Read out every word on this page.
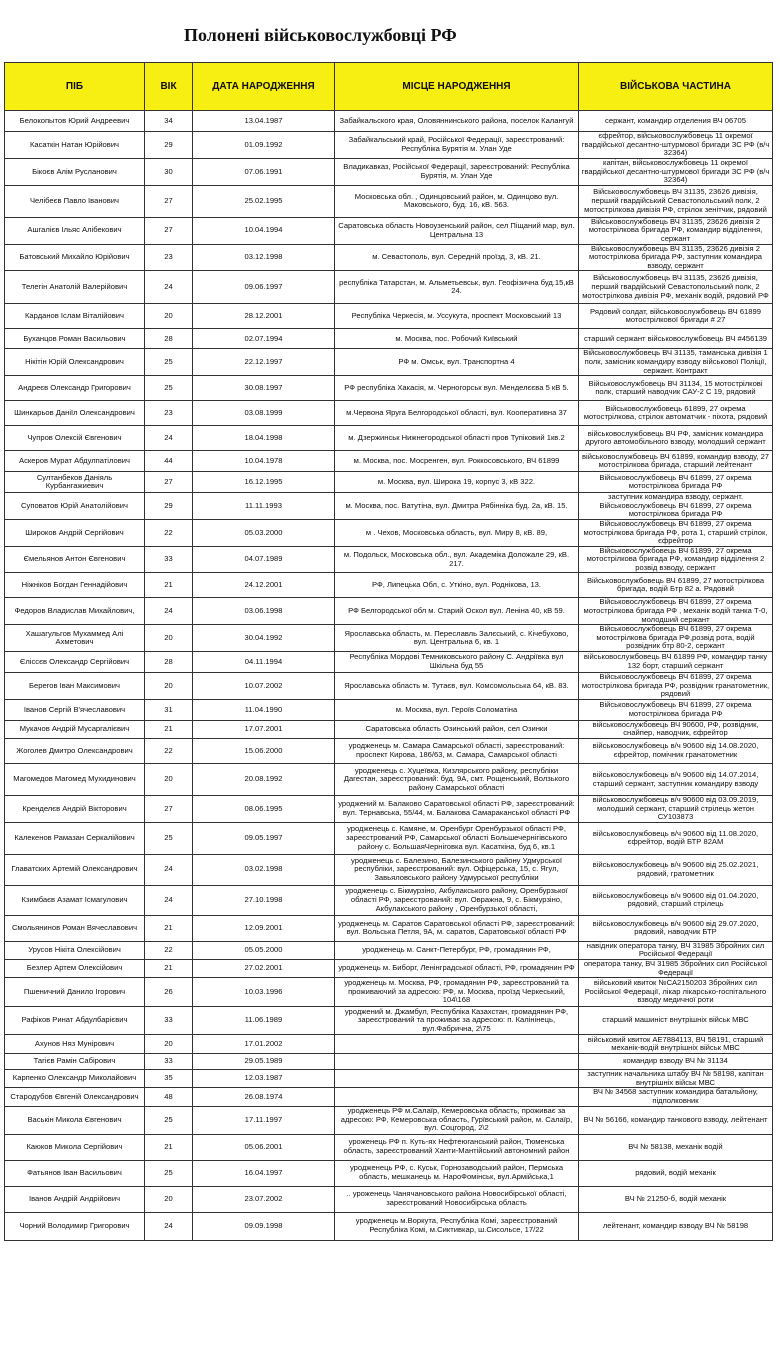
Полонені військовослужбовці РФ
ПІБ	ВІК	ДАТА НАРОДЖЕННЯ	МІСЦЕ НАРОДЖЕННЯ	ВІЙСЬКОВА ЧАСТИНА
Белокопытов Юрий Андреевич	34	13.04.1987	Забайкальского края, Оловяннинського района, поселок Калангуй	сержант, командир отделения ВЧ 06705
Касаткін Натан Юрійович	29	01.09.1992	Забайкальський край, Російської Федерації, зареєстрований: Республіка Бурятія м. Улан Уде	єфрейтор, військовослужбовець 11 окремої гвардійської десантно-штурмової бригади ЗС РФ (в/ч 32364)
Бікоєв Алім Русланович	30	07.06.1991	Владикавказ, Російської Федерації, зареєстрований: Республіка Бурятія, м. Улан Уде	капітан, військовослужбовець 11 окремої гвардійської десантно-штурмової бригади ЗС РФ (в/ч 32364)
Челібеєв Павло Іванович	27	25.02.1995	Московська обл. , Одинцовський район, м. Одинцово вул. Маковського, буд. 16, кВ. 563.	Військовослужбовець ВЧ 31135, 23626 дивізія, перший гвардійський Севастопольський полк, 2 мотострілкова дивізія РФ, стрілок зенітчик, рядовий
Ашгалієв Ільяс Алібекович	27	10.04.1994	Саратовська область Новоузенський район, сел Піщаний мар, вул. Центральна 13	Військовослужбовець ВЧ 31135, 23626 дивізія 2 мотострілкова бригада РФ, командир відділення, сержант
Батовський Михайло Юрійович	23	03.12.1998	м. Севастополь, вул. Середній проїзд, 3, кВ. 21.	Військовослужбовець ВЧ 31135, 23626 дивізія 2 мотострілкова бригада РФ, заступник командира взводу, сержант
Телегін Анатолій Валерійович	24	09.06.1997	республіка Татарстан, м. Альметьевськ, вул. Геофізична буд.15,кВ 24.	Військовослужбовець ВЧ 31135, 23626 дивізія, перший гвардійський Севастопольський полк, 2 мотострілкова дивізія РФ, механік водій, рядовий РФ
Карданов Іслам Віталійович	20	28.12.2001	Республіка Черкесія, м. Уссукута, проспект Московський 13	Рядовий солдат, військовослужбовець ВЧ 61899 мотострілкової бригади # 27
Буханцов Роман Васильович	28	02.07.1994	м. Москва, пос. Робочий Київський	старший сержант військовослужбовець ВЧ #456139
Нікітін Юрій Олександрович	25	22.12.1997	РФ м. Омськ, вул. Транспортна 4	Військовослужбовець ВЧ 31135, таманська дивізія 1 полк, замісник командиру взводу військової Поліції, сержант. Контракт
Андреєв Олександр Григорович	25	30.08.1997	РФ республіка Хакасія, м. Черногорськ вул. Менделєєва 5 кВ 5.	Військовослужбовець ВЧ 31134, 15 мотострілкові полк, старший наводчик САУ-2 С 19, рядовий
Шинкарьов Даніїл Олександрович	23	03.08.1999	м.Червона Яруга Белгородської області, вул. Кооперативна 37	Військовослужбовець 61899, 27 окрема мотострілкова, стрілок автоматчик - піхота, рядовий
Чупров Олексій Євгенович	24	18.04.1998	м. Дзержинськ Нижнегородської області пров Тупіковий 1кв.2	військовослужбовець ВЧ РФ, замісник командира другого автомобільного взводу, молодший сержант
Аскеров Мурат Абдулпатілович	44	10.04.1978	м. Москва, пос. Мосренген, вул. Роккосовського, ВЧ 61899	військовослужбовець ВЧ 61899, командир взводу, 27 мотострілкова бригада, старший лейтенант
Султанбеков Даніяль Курбангажиевич	27	16.12.1995	м. Москва, вул. Широка 19, корпус 3, кВ 322.	Військовослужбовець ВЧ 61899, 27 окрема мотострілкова бригада РФ
Суповатов Юрій Анатолійович	29	11.11.1993	м. Москва, пос. Ватутіна, вул. Дмитра Рябінніка буд. 2а, кВ. 15.	заступник командира взводу, сержант. Військовослужбовець ВЧ 61899, 27 окрема мотострілкова бригада РФ
Широков Андрій Сергійович	22	05.03.2000	м . Чехов, Московська область, вул. Миру 8, кВ. 89,	Військовослужбовець ВЧ 61899, 27 окрема мотострілкова бригада РФ, рота 1, старший стрілок, єфрейтор
Ємельянов Антон Євгенович	33	04.07.1989	м. Подольск, Московська обл., вул. Академіка Доложале 29, кВ. 217.	Військовослужбовець ВЧ 61899, 27 окрема мотострілкова бригада РФ, командир відділення 2 розвід взводу, сержант
Ніжніков Богдан Геннадійович	21	24.12.2001	РФ, Липецька Обл, с. Уткіно, вул. Роднікова, 13.	Військовослужбовець ВЧ 61899, 27 мотострілкова бригада, водій Бтр 82 а. Рядовий
Федоров Владислав Михайлович,	24	03.06.1998	РФ Белгородської обл м. Старий Оскол вул. Леніна 40, кВ 59.	Військовослужбовець ВЧ 61899, 27 окрема мотострілкова бригада РФ , механік водій танка Т-0, молодший сержант
Хашагульгов Мухаммед Алі Ахметович	20	30.04.1992	Ярославська область, м. Переславль Залєський, с. Кічебухово, вул. Центральна 6, кв. 1	Військовослужбовець ВЧ 61899, 27 окрема мотострілкова бригада РФ,розвід рота, водій розвідник бтр 80-2, сержант
Єліссєв Олександр Сергійович	28	04.11.1994	Республіка Мордові Темниковського району С. Андріївка вул Шкільна буд 55	військовослужбовець ВЧ 61899 РФ, командир танку 132 борт, старший сержант
Берегов Іван Максимович	20	10.07.2002	Ярославська область м. Тутаєв, вул. Комсомольська 64, кВ. 83.	Військовослужбовець ВЧ 61899, 27 окрема мотострілкова бригада РФ, розвідник гранатометник, рядовий
Іванов Сергій В'ячеславович	31	11.04.1990	м. Москва, вул. Героїв Соломатіна	Військовослужбовець ВЧ 61899, 27 окрема мотострілкова бригада РФ
Мукачов Андрій Мусаргалієвич	21	17.07.2001	Саратовська область Озинський район, сел Озинки	військовослужбовець ВЧ 90600, РФ, розвідник, снайпер, наводчик, єфрейтор
Жоголев Дмитро Олександрович	22	15.06.2000	уродженець м. Самара Самарської області, зареєстрований: проспект Кирова, 186/63, м. Самара, Самарської області	військовослужбовець в/ч 90600 від 14.08.2020, єфрейтор, помічник гранатометник
Магомедов Магомед Мухидинович	20	20.08.1992	уродженець с. Хуцеївка, Кизлярського району, республіки Дагестан, зареєстрований: буд. 9А, смт. Рощенський, Волзького району Самарської області	військовослужбовець в/ч 90600 від 14.07.2014, старший сержант, заступник командиру взводу
Кренделєв Андрій Вікторович	27	08.06.1995	уроджений м. Балаково Саратовської області РФ, зареєстрований: вул. Тернавська, 55/44, м. Балакова Самараканської області РФ	військовослужбовець в/ч 90600 від 03.09.2019, молодший сержант, старший стрілець жетон СУ103873
Калекенов Рамазан Серкалійович	25	09.05.1997	уродженець с. Камяне, м. Оренбург Оренбурзької області РФ, зареєстрований РФ, Самарської області Большечернігівського району с. БольшаяЧерніговка вул. Касаткіна, буд 6, кв.1	військовослужбовець в/ч 90600 від 11.08.2020, єфрейтор, водій БТР 82АМ
Главатских Артемій Олександрович	24	03.02.1998	уродженець с. Балезино, Балезинського району Удмурської республіки, зареєстрований: вул. Офіцерська, 15, с. Ягул, Завьяловського району Удмурської республіки	військовослужбовець в/ч 90600 від 25.02.2021, рядовий, гратометник
Кзимбаєв Азамат Ісмагулович	24	27.10.1998	уродженець с. Бікмурзіно, Акбулакського району, Оренбурзької області РФ, зареєстрований: вул. Овражна, 9, с. Бікмурзіно, Акбулакського району , Оренбурзької області,	військовослужбовець в/ч 90600 від 01.04.2020, рядовий, старший стрілець
Смольянинов Роман Вячеславович	21	12.09.2001	уродженець м. Саратов Саратовської області РФ, зареєстрований: вул. Вольська Петля, 9А, м. саратов, Саратовської області РФ	військовослужбовець в/ч 90600 від 29.07.2020, рядовий, наводчик БТР
Урусов Нікіта Олексійович	22	05.05.2000	уродженець м. Санкт-Петербург, РФ, громадянин РФ,	навідник оператора танку, ВЧ 31985 Збройних сил Російської Федерації
Безлер Артем Олексійович	21	27.02.2001	уродженець м. Биборг, Ленінградської області, РФ, громадянин РФ	оператора танку, ВЧ 31985 Збройних сил Російської Федерації
Пшеничний Данило Ігорович	26	10.03.1996	уродженець м. Москва, РФ, громадянин РФ, зареєстрований та проживаючий за адресою: РФ, м. Москва, проїзд Черкеський, 104\168	військовий квиток №СА2150203 Збройних сил Російської Федерації, лікар лікарсько-госпітального взводу медичної роти
Рафіков Ринат Абдулбарієвич	33	11.06.1989	уроджений м. Джамбул, Республіка Казахстан, громадянин РФ, зареєстрований та проживає за адресою: п. Калінінець, вул.Фабрична, 2\75	старший машиніст внутрішніх військ МВС
Ахунов Няз Мунірович	20	17.01.2002		військовий квиток АЕ7884113, ВЧ 58191, старший механік-водій внутрішніх військ МВС
Тагієв Рамін Сабірович	33	29.05.1989		командир взводу ВЧ № 31134
Карпенко Олександр Миколайович	35	12.03.1987		заступник начальника штабу ВЧ № 58198, капітан внутрішніх військ МВС
Стародубов Євгеній Олександрович	48	26.08.1974		ВЧ № 34568 заступник командира батальйону, підполковник
Васькін Микола Євгенович	25	17.11.1997	уродженець РФ м.Салаїр, Кемеровська область, проживає за адресою: РФ, Кемеровська область, Гурївський район, м. Салаїр, вул. Соцгород, 2\2	ВЧ № 56166, командир танкового взводу, лейтенант
Каюков Микола Сергійович	21	05.06.2001	уроженець РФ п. Куть-ях Нефтеюганський район, Тюменська область, зареєстрований Ханти-Мантійський автономний район	ВЧ № 58138, механік водій
Фатьянов Іван Васильович	25	16.04.1997	уродженець РФ, с. Куськ, Горнозаводський район, Пермська область, мешканець м. НароФомінськ, вул.Армійська,1	рядовий, водій механік
Іванов Андрій Андрійович	20	23.07.2002	.. уроженець Чанячановського района Новосибірської області, зареєстрований Новосибірська область	ВЧ № 21250-б, водій механік
Чорний Володимир Григорович	24	09.09.1998	уродженець м.Воркута, Республіка Комі, зареєстрований Республіка Комі, м.Сиктивкар, ш.Сисольсе, 17/22	лейтенант, командир взводу ВЧ № 58198
